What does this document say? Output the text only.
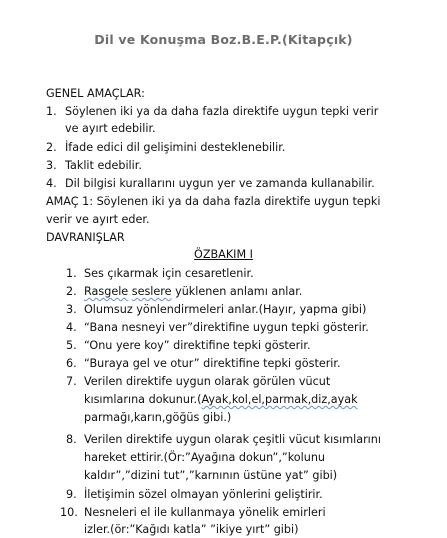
Dil ve Konuşma Boz.B.E.P.(Kitapçık)
GENEL AMAÇLAR:
1. Söylenen iki ya da daha fazla direktife uygun tepki verir
ve ayırt edebilir.
2. İfade edici dil gelişimini desteklenebilir.
3. Taklit edebilir.
4. Dil bilgisi kurallarını uygun yer ve zamanda kullanabilir.
AMAÇ 1: Söylenen iki ya da daha fazla direktife uygun tepki
verir ve ayırt eder.
DAVRANIŞLAR
ÖZBAKIM I
1. Ses çıkarmak için cesaretlenir.
2. Rasgele seslere yüklenen anlamı anlar.
3. Olumsuz yönlendirmeleri anlar.(Hayır, yapma gibi)
4. “Bana nesneyi ver”direktifine uygun tepki gösterir.
5. “Onu yere koy” direktifine tepki gösterir.
6. “Buraya gel ve otur” direktifine tepki gösterir.
7. Verilen direktife uygun olarak görülen vücut
kısımlarına dokunur.(Ayak,kol,el,parmak,diz,ayak
parmağı,karın,göğüs gibi.)
8. Verilen direktife uygun olarak çeşitli vücut kısımlarını
hareket ettirir.(Ör:”Ayağına dokun”,”kolunu
kaldır”,”dizini tut”,”karnının üstüne yat” gibi)
9. İletişimin sözel olmayan yönlerini geliştirir.
10. Nesneleri el ile kullanmaya yönelik emirleri
izler.(ör:”Kağıdı katla” ”ikiye yırt” gibi)
